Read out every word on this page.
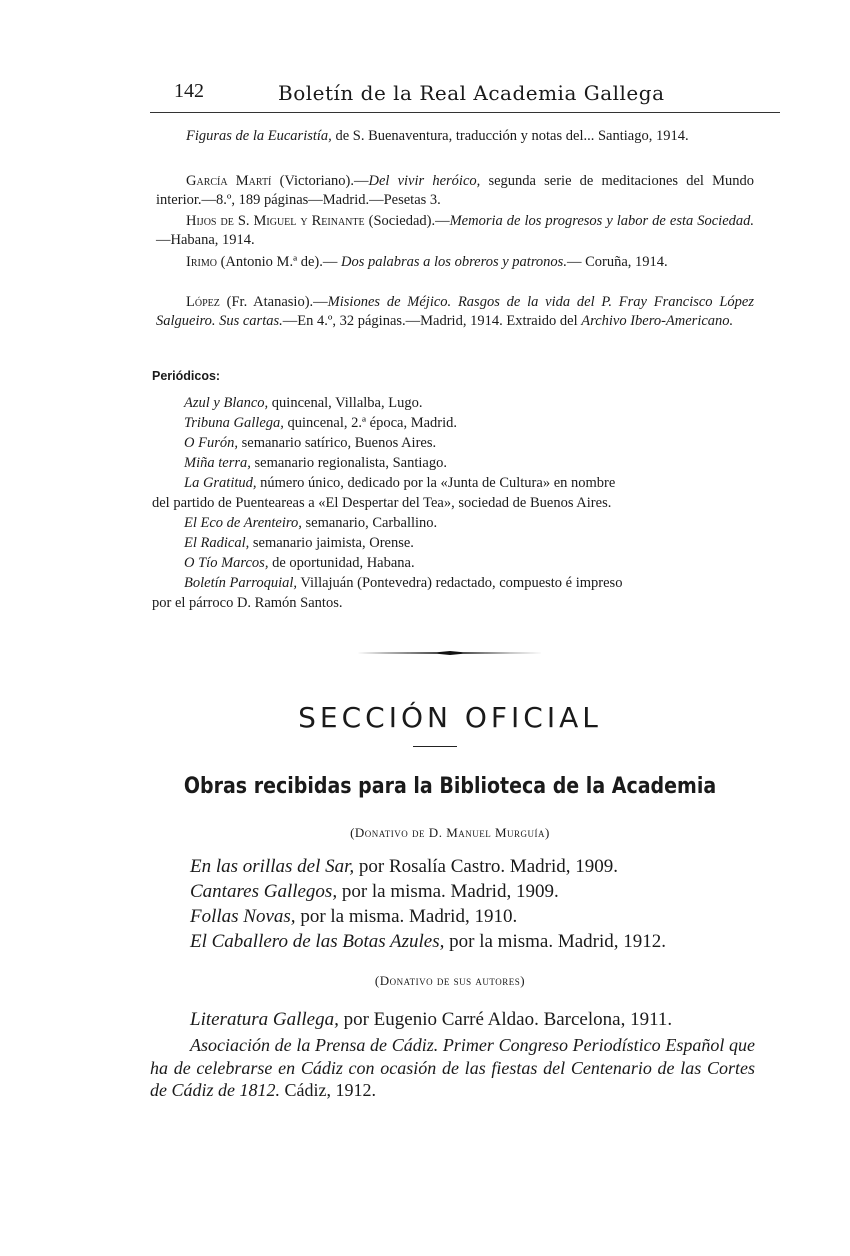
142	Boletín de la Real Academia Gallega
Figuras de la Eucaristía, de S. Buenaventura, traducción y notas del... Santiago, 1914.
García Martí (Victoriano).—Del vivir heróico, segunda serie de meditaciones del Mundo interior.—8.º, 189 páginas—Madrid.—Pesetas 3.
Hijos de S. Miguel y Reinante (Sociedad).—Memoria de los progresos y labor de esta Sociedad.—Habana, 1914.
Irimo (Antonio M.ª de).— Dos palabras a los obreros y patronos.— Coruña, 1914.
López (Fr. Atanasio).—Misiones de Méjico. Rasgos de la vida del P. Fray Francisco López Salgueiro. Sus cartas.—En 4.º, 32 páginas.—Madrid, 1914. Extraido del Archivo Ibero-Americano.
Periódicos:
Azul y Blanco, quincenal, Villalba, Lugo.
Tribuna Gallega, quincenal, 2.ª época, Madrid.
O Furón, semanario satírico, Buenos Aires.
Miña terra, semanario regionalista, Santiago.
La Gratitud, número único, dedicado por la «Junta de Cultura» en nombre
del partido de Puenteareas a «El Despertar del Tea», sociedad de Buenos Aires.
El Eco de Arenteiro, semanario, Carballino.
El Radical, semanario jaimista, Orense.
O Tío Marcos, de oportunidad, Habana.
Boletín Parroquial, Villajuán (Pontevedra) redactado, compuesto é impreso
por el párroco D. Ramón Santos.
SECCIÓN OFICIAL
Obras recibidas para la Biblioteca de la Academia
(Donativo de D. Manuel Murguía)
En las orillas del Sar, por Rosalía Castro. Madrid, 1909.
Cantares Gallegos, por la misma. Madrid, 1909.
Follas Novas, por la misma. Madrid, 1910.
El Caballero de las Botas Azules, por la misma. Madrid, 1912.
(Donativo de sus autores)
Literatura Gallega, por Eugenio Carré Aldao. Barcelona, 1911.
Asociación de la Prensa de Cádiz. Primer Congreso Periodístico Español que ha de celebrarse en Cádiz con ocasión de las fiestas del Centenario de las Cortes de Cádiz de 1812. Cádiz, 1912.
